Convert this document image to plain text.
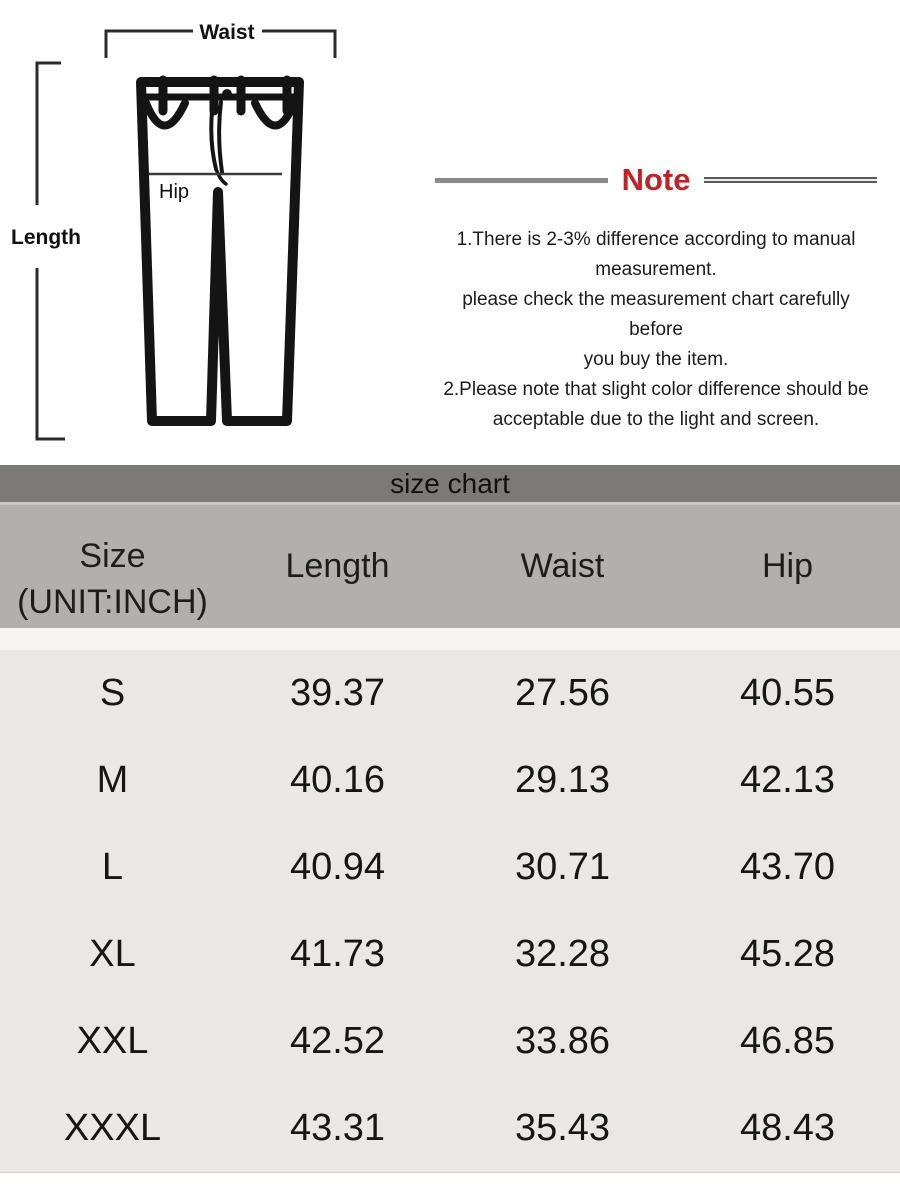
Waist
Length
Hip	Note
1.There is 2-3% difference according to manual
measurement.
please check the measurement chart carefully before
you buy the item.
2.Please note that slight color difference should be
acceptable due to the light and screen.
size chart
Size
(UNIT:INCH)
Length	Waist	Hip
S	39.37	27.56	40.55
M	40.16	29.13	42.13
L	40.94	30.71	43.70
XL	41.73	32.28	45.28
XXL	42.52	33.86	46.85
XXXL	43.31	35.43	48.43
